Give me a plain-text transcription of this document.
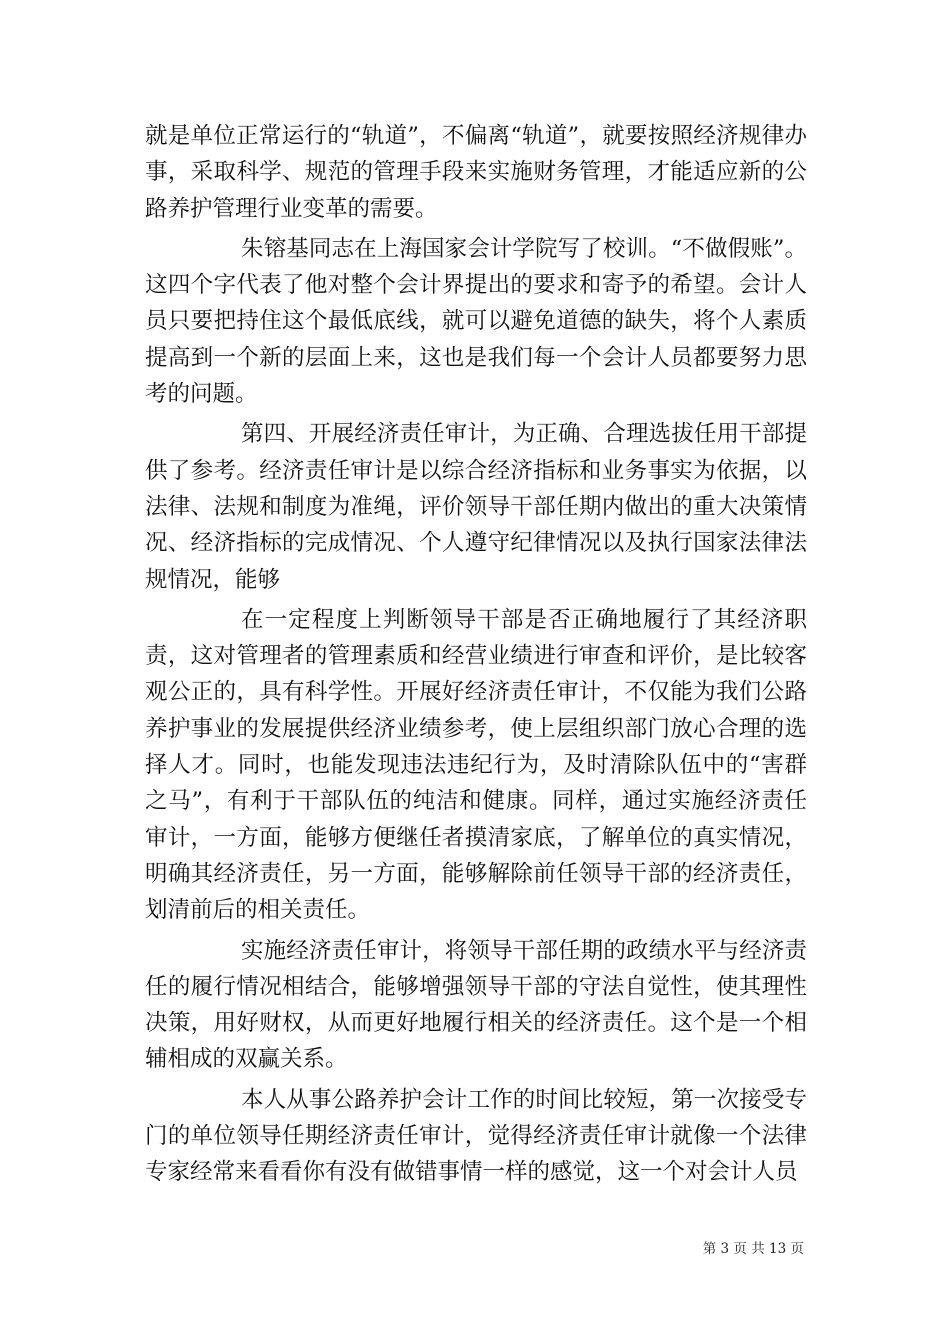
就是单位正常运行的“轨道”，不偏离“轨道”，就要按照经济规律办事，采取科学、规范的管理手段来实施财务管理，才能适应新的公路养护管理行业变革的需要。

朱镕基同志在上海国家会计学院写了校训。“不做假账”。这四个字代表了他对整个会计界提出的要求和寄予的希望。会计人员只要把持住这个最低底线，就可以避免道德的缺失，将个人素质提高到一个新的层面上来，这也是我们每一个会计人员都要努力思考的问题。

第四、开展经济责任审计，为正确、合理选拔任用干部提供了参考。经济责任审计是以综合经济指标和业务事实为依据，以法律、法规和制度为准绳，评价领导干部任期内做出的重大决策情况、经济指标的完成情况、个人遵守纪律情况以及执行国家法律法规情况，能够

在一定程度上判断领导干部是否正确地履行了其经济职责，这对管理者的管理素质和经营业绩进行审查和评价，是比较客观公正的，具有科学性。开展好经济责任审计，不仅能为我们公路养护事业的发展提供经济业绩参考，使上层组织部门放心合理的选择人才。同时，也能发现违法违纪行为，及时清除队伍中的“害群之马”，有利于干部队伍的纯洁和健康。同样，通过实施经济责任审计，一方面，能够方便继任者摸清家底，了解单位的真实情况，明确其经济责任，另一方面，能够解除前任领导干部的经济责任，划清前后的相关责任。

实施经济责任审计，将领导干部任期的政绩水平与经济责任的履行情况相结合，能够增强领导干部的守法自觉性，使其理性决策，用好财权，从而更好地履行相关的经济责任。这个是一个相辅相成的双赢关系。

本人从事公路养护会计工作的时间比较短，第一次接受专门的单位领导任期经济责任审计，觉得经济责任审计就像一个法律专家经常来看看你有没有做错事情一样的感觉，这一个对会计人员

第 3 页 共 13 页
